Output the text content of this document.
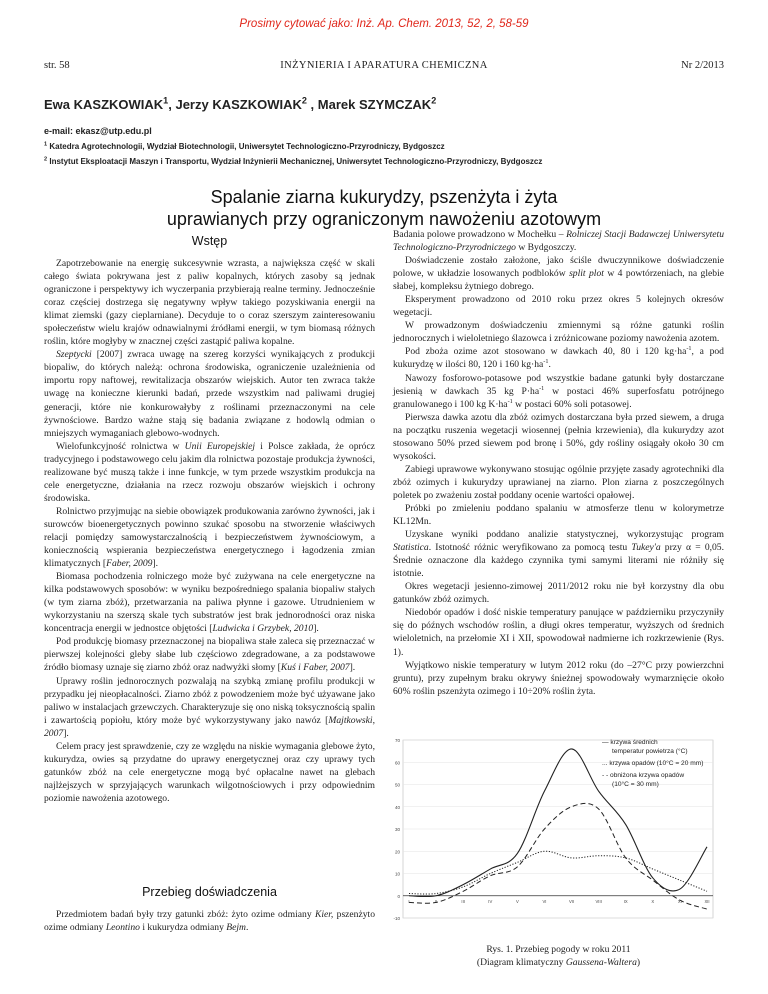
Prosimy cytować jako: Inż. Ap. Chem. 2013, 52, 2, 58-59
str. 58	INŻYNIERIA I APARATURA CHEMICZNA	Nr 2/2013
Ewa KASZKOWIAK$^1$, Jerzy KASZKOWIAK$^2$ , Marek SZYMCZAK$^2$
e-mail: ekasz@utp.edu.pl
$^1$ Katedra Agrotechnologii, Wydział Biotechnologii, Uniwersytet Technologiczno-Przyrodniczy, Bydgoszcz
$^2$ Instytut Eksploatacji Maszyn i Transportu, Wydział Inżynierii Mechanicznej, Uniwersytet Technologiczno-Przyrodniczy, Bydgoszcz
Spalanie ziarna kukurydzy, pszenżyta i żyta
uprawianych przy ograniczonym nawożeniu azotowym
Wstęp

Zapotrzebowanie na energię sukcesywnie wzrasta, a największa część w skali całego świata pokrywana jest z paliw kopalnych, których zasoby są jednak ograniczone i perspektywy ich wyczerpania przybierają realne terminy. Jednocześnie coraz częściej dostrzega się negatywny wpływ takiego pozyskiwania energii na klimat ziemski (gazy cieplarniane). Decyduje to o coraz szerszym zainteresowaniu społeczeństw wielu krajów odnawialnymi źródłami energii, w tym biomasą różnych roślin, które mogłyby w znacznej części zastąpić paliwa kopalne.

Szeptycki [2007] zwraca uwagę na szereg korzyści wynikających z produkcji biopaliw, do których należą: ochrona środowiska, ograniczenie uzależnienia od importu ropy naftowej, rewitalizacja obszarów wiejskich. Autor ten zwraca także uwagę na konieczne kierunki badań, przede wszystkim nad paliwami drugiej generacji, które nie konkurowałyby z roślinami przeznaczonymi na cele żywnościowe. Bardzo ważne stają się badania związane z hodowlą odmian o mniejszych wymaganiach glebowo-wodnych.

Wielofunkcyjność rolnictwa w Unii Europejskiej i Polsce zakłada, że oprócz tradycyjnego i podstawowego celu jakim dla rolnictwa pozostaje produkcja żywności, realizowane być muszą także i inne funkcje, w tym przede wszystkim produkcja na cele energetyczne, działania na rzecz rozwoju obszarów wiejskich i ochrony środowiska.

Rolnictwo przyjmując na siebie obowiązek produkowania zarówno żywności, jak i surowców bioenergetycznych powinno szukać sposobu na stworzenie właściwych relacji pomiędzy samowystarczalnością i bezpieczeństwem żywnościowym, a koniecznością wspierania bezpieczeństwa energetycznego i łagodzenia zmian klimatycznych [Faber, 2009].

Biomasa pochodzenia rolniczego może być zużywana na cele energetyczne na kilka podstawowych sposobów: w wyniku bezpośredniego spalania biopaliw stałych (w tym ziarna zbóż), przetwarzania na paliwa płynne i gazowe. Utrudnieniem w wykorzystaniu na szerszą skale tych substratów jest brak jednorodności oraz niska koncentracja energii w jednostce objętości [Ludwicka i Grzybek, 2010].

Pod produkcję biomasy przeznaczonej na biopaliwa stałe zaleca się przeznaczać w pierwszej kolejności gleby słabe lub częściowo zdegradowane, a za podstawowe źródło biomasy uznaje się ziarno zbóż oraz nadwyżki słomy [Kuś i Faber, 2007].

Uprawy roślin jednorocznych pozwalają na szybką zmianę profilu produkcji w przypadku jej nieopłacalności. Ziarno zbóż z powodzeniem może być użyawane jako paliwo w instalacjach grzewczych. Charakteryzuje się ono niską toksycznością spalin i zawartością popiołu, który może być wykorzystywany jako nawóz [Majtkowski, 2007].

Celem pracy jest sprawdzenie, czy ze względu na niskie wymagania glebowe żyto, kukurydza, owies są przydatne do uprawy energetycznej oraz czy uprawy tych gatunków zbóż na cele energetyczne mogą być opłacalne nawet na glebach najlżejszych w sprzyjających warunkach wilgotnościowych i przy odpowiednim poziomie nawożenia azotowego.

Przebieg doświadczenia

Przedmiotem badań były trzy gatunki zbóż: żyto ozime odmiany Kier, pszenżyto ozime odmiany Leontino i kukurydza odmiany Bejm.

Badania polowe prowadzono w Mochełku – Rolniczej Stacji Badawczej Uniwersytetu Technologiczno-Przyrodniczego w Bydgoszczy.

Doświadczenie zostało założone, jako ściśle dwuczynnikowe doświadczenie polowe, w układzie losowanych podbloków split plot w 4 powtórzeniach, na glebie słabej, kompleksu żytniego dobrego.

Eksperyment prowadzono od 2010 roku przez okres 5 kolejnych okresów wegetacji.

W prowadzonym doświadczeniu zmiennymi są różne gatunki roślin jednorocznych i wieloletniego ślazowca i zróżnicowane poziomy nawożenia azotem.

Pod zboża ozime azot stosowano w dawkach 40, 80 i 120 $kg\cdot ha^{-1}$, a pod kukurydzę w ilości 80, 120 i 160 $kg\cdot ha^{-1}$.

Nawozy fosforowo-potasowe pod wszystkie badane gatunki były dostarczane jesienią w dawkach 35 kg $P\cdot ha^{-1}$ w postaci 46% superfosfatu potrójnego granulowanego i 100 kg $K\cdot ha^{-1}$ w postaci 60% soli potasowej.

Pierwsza dawka azotu dla zbóż ozimych dostarczana była przed siewem, a druga na początku ruszenia wegetacji wiosennej (pełnia krzewienia), dla kukurydzy azot stosowano 50% przed siewem pod bronę i 50%, gdy rośliny osiągały około 30 cm wysokości.

Zabiegi uprawowe wykonywano stosując ogólnie przyjęte zasady agrotechniki dla zbóż ozimych i kukurydzy uprawianej na ziarno. Plon ziarna z poszczególnych poletek po zważeniu został poddany ocenie wartości opałowej.

Próbki po zmieleniu poddano spalaniu w atmosferze tlenu w kolorymetrze KL12Mn.

Uzyskane wyniki poddano analizie statystycznej, wykorzystując program Statistica. Istotność różnic weryfikowano za pomocą testu Tukey'a przy α = 0,05. Średnie oznaczone dla każdego czynnika tymi samymi literami nie różniły się istotnie.

Okres wegetacji jesienno-zimowej 2011/2012 roku nie był korzystny dla obu gatunków zbóż ozimych.

Niedobór opadów i dość niskie temperatury panujące w październiku przyczyniły się do późnych wschodów roślin, a długi okres temperatur, wyższych od średnich wieloletnich, na przełomie XI i XII, spowodował nadmierne ich rozkrzewienie (Rys. 1).

Wyjątkowo niskie temperatury w lutym 2012 roku (do –27°C przy powierzchni gruntu), przy zupełnym braku okrywy śnieżnej spowodowały wymarznięcie około 60% roślin pszenżyta ozimego i 10÷20% roślin żyta.

-10
0
10
20
30
40
50
60
70
I	II	III	IV	V	VI	VII	VIII	IX	X	XI	XII
— krzywa średnich
temperatur powietrza (°C)
... krzywa opadów (10°C = 20 mm)
- - obniżona krzywa opadów
(10°C = 30 mm)
Rys. 1. Przebieg pogody w roku 2011
(Diagram klimatyczny Gaussena-Waltera)
